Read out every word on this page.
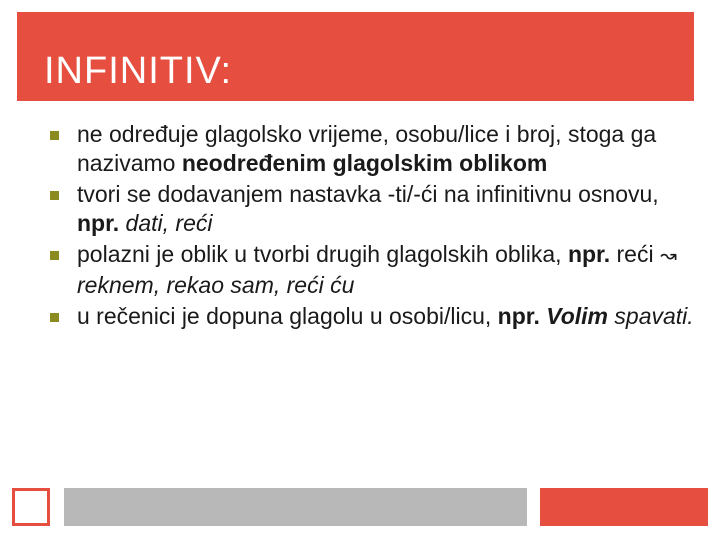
INFINITIV:
ne određuje glagolsko vrijeme, osobu/lice i broj, stoga ga nazivamo neodređenim glagolskim oblikom
tvori se dodavanjem nastavka -ti/-ći na infinitivnu osnovu, npr. dati, reći
polazni je oblik u tvorbi drugih glagolskih oblika, npr. reći ↝ reknem, rekao sam, reći ću
u rečenici je dopuna glagolu u osobi/licu, npr. Volim spavati.
